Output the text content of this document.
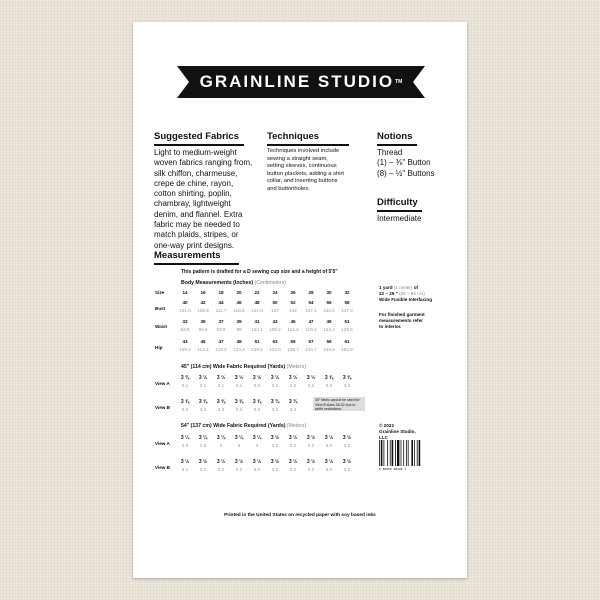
GRAINLINE STUDIO TM
Suggested Fabrics
Light to medium-weight
woven fabrics ranging from,
silk chiffon, charmeuse,
crepe de chine, rayon,
cotton shirting, poplin,
chambray, lightweight
denim, and flannel. Extra
fabric may be needed to
match plaids, stripes, or
one-way print designs.
Techniques
Techniques involved include
sewing a straight seam,
setting sleeves, continuous
button plackets, adding a shirt
collar, and inserting buttons
and buttonholes.
Notions
Thread
(1) – ⅜" Button
(8) – ½" Buttons
Difficulty
Intermediate
Measurements
This pattern is drafted for a D sewing cup size and a height of 5'5"
Body Measurements (Inches) (Centimeters)
Size	14	16	18	20	22	24	26	28	30	32
Bust
40	42	44	46	48	50	52	54	56	58
101.6	106.6	111.7	116.8	121.9	127	132	137.1	142.2	147.3
Waist
33	35	37	39	41	43	45	47	49	51
83.8	88.9	93.9	99	104.1	109.2	114.3	119.3	124.4	129.5
Hip
43	45	47	49	51	53	55	57	59	61
109.2	114.3	119.3	124.4	129.5	134.6	139.7	144.7	149.8	154.9
45" (114 cm) Wide Fabric Required (Yards) (Meters)
View A
3 ⅜	3 ½	3 ½	3 ½	3 ½	3 ½	3 ½	3 ½	3 ⅝	3 ⅝
3.1	3.1	3.1	3.1	3.2	3.2	3.2	3.2	3.3	3.3
View B
3 ⅝	3 ⅝	3 ⅝	3 ⅝	3 ⅝	3 ¾	3 ¾
3.3	3.3	3.3	3.3	3.3	3.4	3.4
45" fabric cannot be used for View B sizes 26-32 due to width restrictions.
54" (137 cm) Wide Fabric Required (Yards) (Meters)
View A
3 ¼	3 ¼	3 ¼	3 ¼	3 ¼	3 ½	3 ½	3 ½	3 ½	3 ½
2.9	2.9	3	3	3	3.2	3.2	3.2	3.2	3.2
View B
3 ½	3 ½	3 ½	3 ½	3 ½	3 ½	3 ½	3 ½	3 ½	3 ½
3.1	3.1	3.2	3.2	3.2	3.2	3.2	3.2	3.2	3.2
1 yard (1 meter) of
22 – 25 " (55 – 65 cm)
Wide Fusible Interfacing
For finished garment
measurements refer
to interior.
© 2022
Grainline Studio,
LLC
0 86000 00449 1
Printed in the United States on recycled paper with soy based inks
